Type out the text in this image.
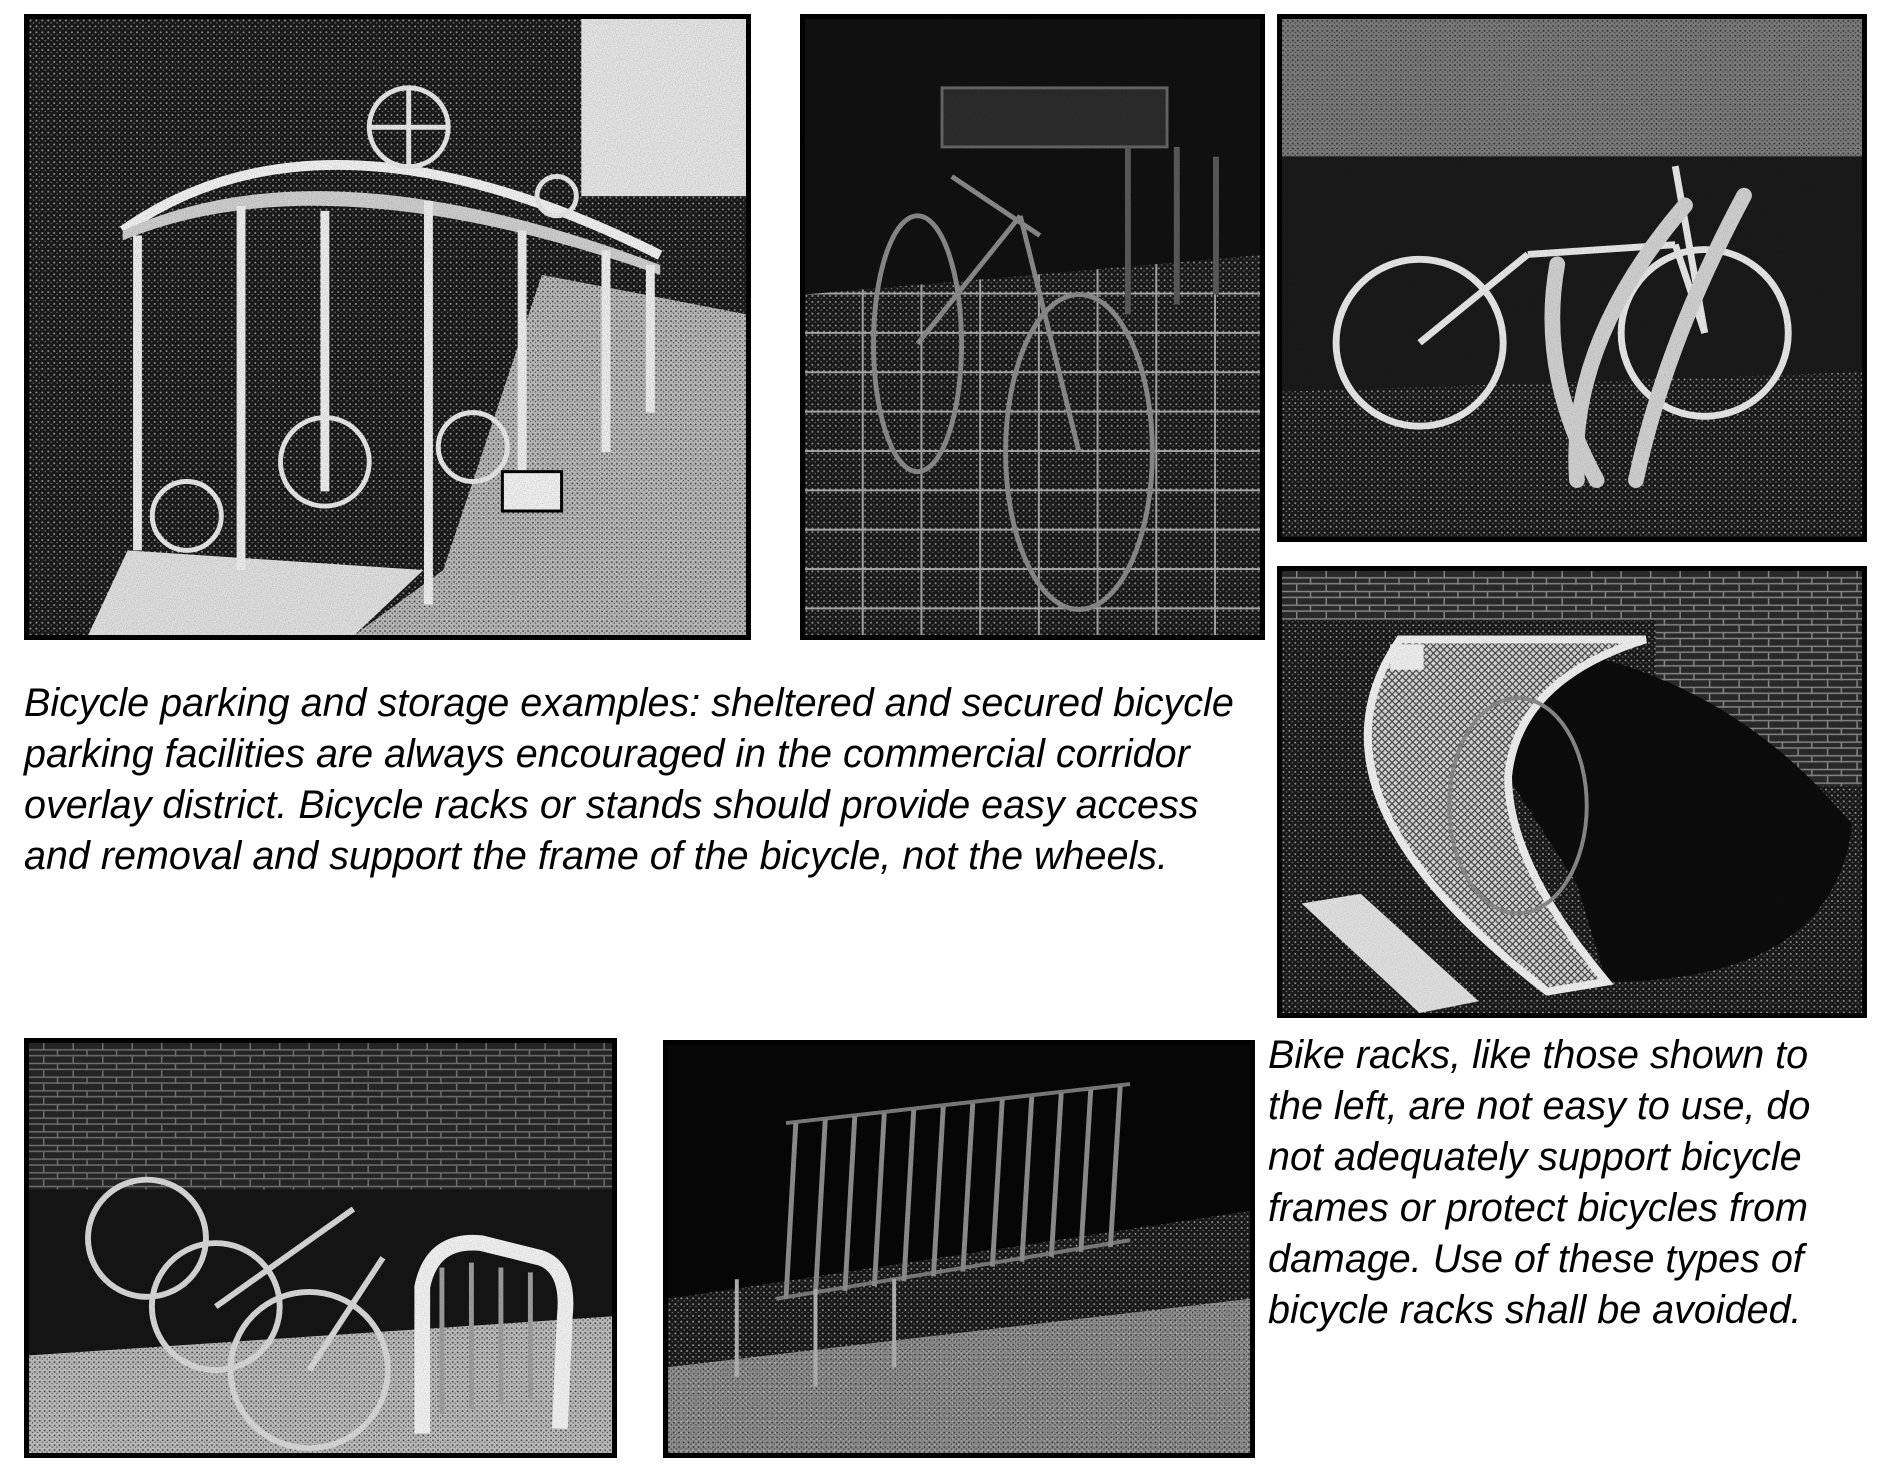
Bicycle parking and storage examples: sheltered and secured bicycle parking facilities are always encouraged in the commercial corridor overlay district. Bicycle racks or stands should provide easy access and removal and support the frame of the bicycle, not the wheels.

Bike racks, like those shown to the left, are not easy to use, do not adequately support bicycle frames or protect bicycles from damage. Use of these types of bicycle racks shall be avoided.
